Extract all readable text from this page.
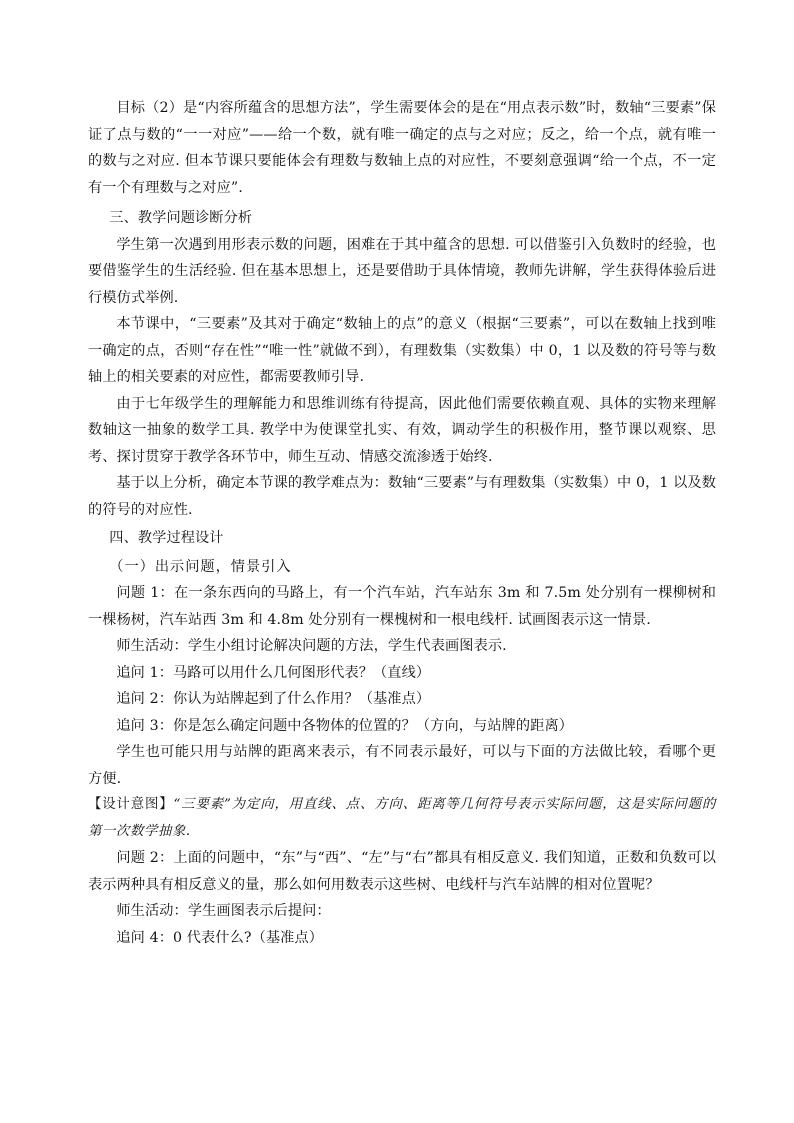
目标（2）是“内容所蕴含的思想方法”，学生需要体会的是在“用点表示数”时，数轴“三要素”保证了点与数的“一一对应”——给一个数，就有唯一确定的点与之对应；反之，给一个点，就有唯一的数与之对应. 但本节课只要能体会有理数与数轴上点的对应性，不要刻意强调“给一个点，不一定有一个有理数与之对应”.

三、教学问题诊断分析

学生第一次遇到用形表示数的问题，困难在于其中蕴含的思想. 可以借鉴引入负数时的经验，也要借鉴学生的生活经验. 但在基本思想上，还是要借助于具体情境，教师先讲解，学生获得体验后进行模仿式举例.

本节课中，“三要素”及其对于确定“数轴上的点”的意义（根据“三要素”，可以在数轴上找到唯一确定的点，否则“存在性”“唯一性”就做不到），有理数集（实数集）中 0，1 以及数的符号等与数轴上的相关要素的对应性，都需要教师引导.

由于七年级学生的理解能力和思维训练有待提高，因此他们需要依赖直观、具体的实物来理解数轴这一抽象的数学工具. 教学中为使课堂扎实、有效，调动学生的积极作用，整节课以观察、思考、探讨贯穿于教学各环节中，师生互动、情感交流渗透于始终.

基于以上分析，确定本节课的教学难点为：数轴“三要素”与有理数集（实数集）中 0，1 以及数的符号的对应性.

四、教学过程设计

（一）出示问题，情景引入

问题 1：在一条东西向的马路上，有一个汽车站，汽车站东 3m 和 7.5m 处分别有一棵柳树和一棵杨树，汽车站西 3m 和 4.8m 处分别有一棵槐树和一根电线杆. 试画图表示这一情景.

师生活动：学生小组讨论解决问题的方法，学生代表画图表示.

追问 1：马路可以用什么几何图形代表？（直线）

追问 2：你认为站牌起到了什么作用？（基准点）

追问 3：你是怎么确定问题中各物体的位置的？（方向，与站牌的距离）

学生也可能只用与站牌的距离来表示，有不同表示最好，可以与下面的方法做比较，看哪个更方便.

【设计意图】“三要素”为定向，用直线、点、方向、距离等几何符号表示实际问题，这是实际问题的第一次数学抽象.

问题 2：上面的问题中，“东”与“西”、“左”与“右”都具有相反意义. 我们知道，正数和负数可以表示两种具有相反意义的量，那么如何用数表示这些树、电线杆与汽车站牌的相对位置呢？

师生活动：学生画图表示后提问：

追问 4：0 代表什么?（基准点）
